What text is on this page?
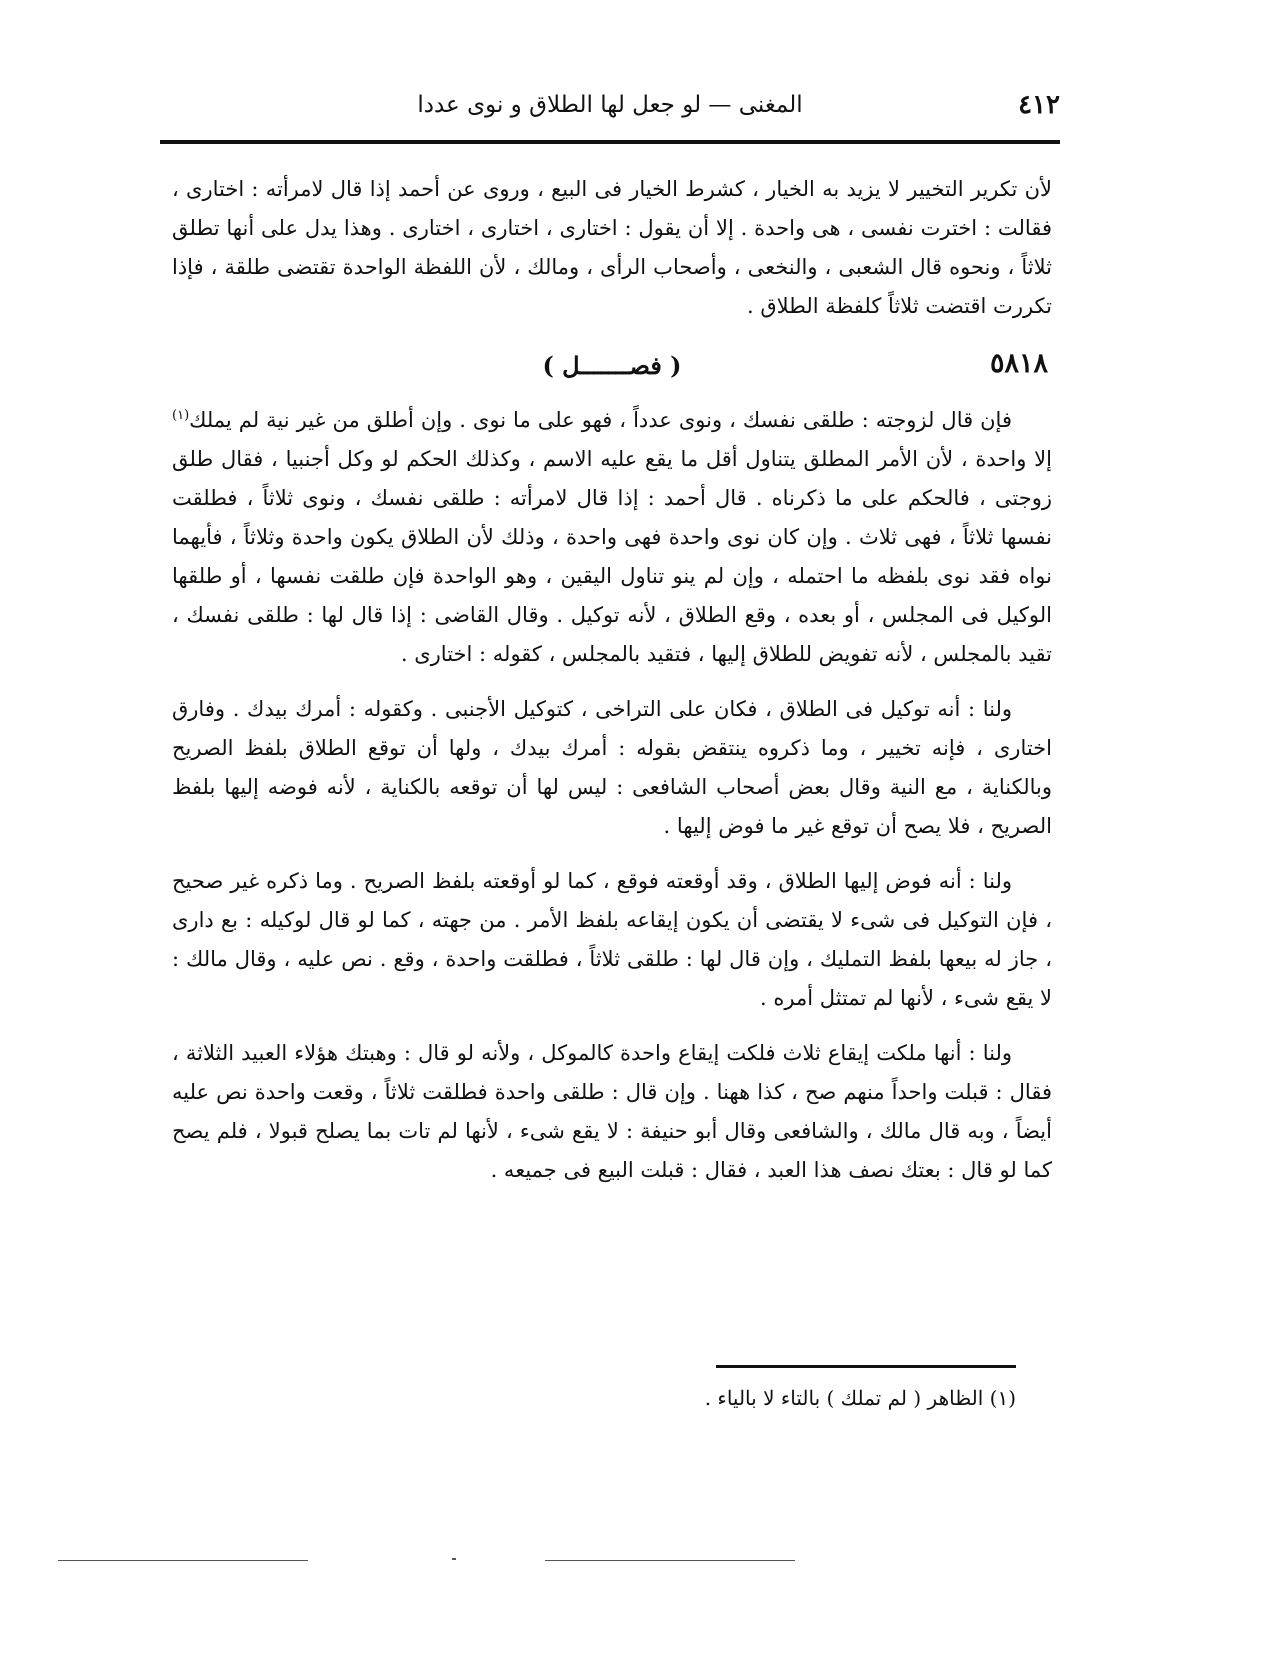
٤١٢
المغنى — لو جعل لها الطلاق و نوى عددا

لأن تكرير التخيير لا يزيد به الخيار ، كشرط الخيار فى البيع ، وروى عن أحمد إذا قال لامرأته : اختارى ، فقالت : اخترت نفسى ، هى واحدة . إلا أن يقول : اختارى ، اختارى ، اختارى . وهذا يدل على أنها تطلق ثلاثاً ، ونحوه قال الشعبى ، والنخعى ، وأصحاب الرأى ، ومالك ، لأن اللفظة الواحدة تقتضى طلقة ، فإذا تكررت اقتضت ثلاثاً كلفظة الطلاق .

٥٨١٨
( فصـــــــل )

فإن قال لزوجته : طلقى نفسك ، ونوى عدداً ، فهو على ما نوى . وإن أطلق من غير نية لم يملك$^{(١)}$ إلا واحدة ، لأن الأمر المطلق يتناول أقل ما يقع عليه الاسم ، وكذلك الحكم لو وكل أجنبيا ، فقال طلق زوجتى ، فالحكم على ما ذكرناه . قال أحمد : إذا قال لامرأته : طلقى نفسك ، ونوى ثلاثاً ، فطلقت نفسها ثلاثاً ، فهى ثلاث . وإن كان نوى واحدة فهى واحدة ، وذلك لأن الطلاق يكون واحدة وثلاثاً ، فأيهما نواه فقد نوى بلفظه ما احتمله ، وإن لم ينو تناول اليقين ، وهو الواحدة فإن طلقت نفسها ، أو طلقها الوكيل فى المجلس ، أو بعده ، وقع الطلاق ، لأنه توكيل . وقال القاضى : إذا قال لها : طلقى نفسك ، تقيد بالمجلس ، لأنه تفويض للطلاق إليها ، فتقيد بالمجلس ، كقوله : اختارى .

ولنا : أنه توكيل فى الطلاق ، فكان على التراخى ، كتوكيل الأجنبى . وكقوله : أمرك بيدك . وفارق اختارى ، فإنه تخيير ، وما ذكروه ينتقض بقوله : أمرك بيدك ، ولها أن توقع الطلاق بلفظ الصريح وبالكناية ، مع النية وقال بعض أصحاب الشافعى : ليس لها أن توقعه بالكناية ، لأنه فوضه إليها بلفظ الصريح ، فلا يصح أن توقع غير ما فوض إليها .

ولنا : أنه فوض إليها الطلاق ، وقد أوقعته فوقع ، كما لو أوقعته بلفظ الصريح . وما ذكره غير صحيح ، فإن التوكيل فى شىء لا يقتضى أن يكون إيقاعه بلفظ الأمر . من جهته ، كما لو قال لوكيله : بع دارى ، جاز له بيعها بلفظ التمليك ، وإن قال لها : طلقى ثلاثاً ، فطلقت واحدة ، وقع . نص عليه ، وقال مالك : لا يقع شىء ، لأنها لم تمتثل أمره .

ولنا : أنها ملكت إيقاع ثلاث فلكت إيقاع واحدة كالموكل ، ولأنه لو قال : وهبتك هؤلاء العبيد الثلاثة ، فقال : قبلت واحداً منهم صح ، كذا ههنا . وإن قال : طلقى واحدة فطلقت ثلاثاً ، وقعت واحدة نص عليه أيضاً ، وبه قال مالك ، والشافعى وقال أبو حنيفة : لا يقع شىء ، لأنها لم تات بما يصلح قبولا ، فلم يصح كما لو قال : بعتك نصف هذا العبد ، فقال : قبلت البيع فى جميعه .

(١) الظاهر ( لم تملك ) بالتاء لا بالياء .
